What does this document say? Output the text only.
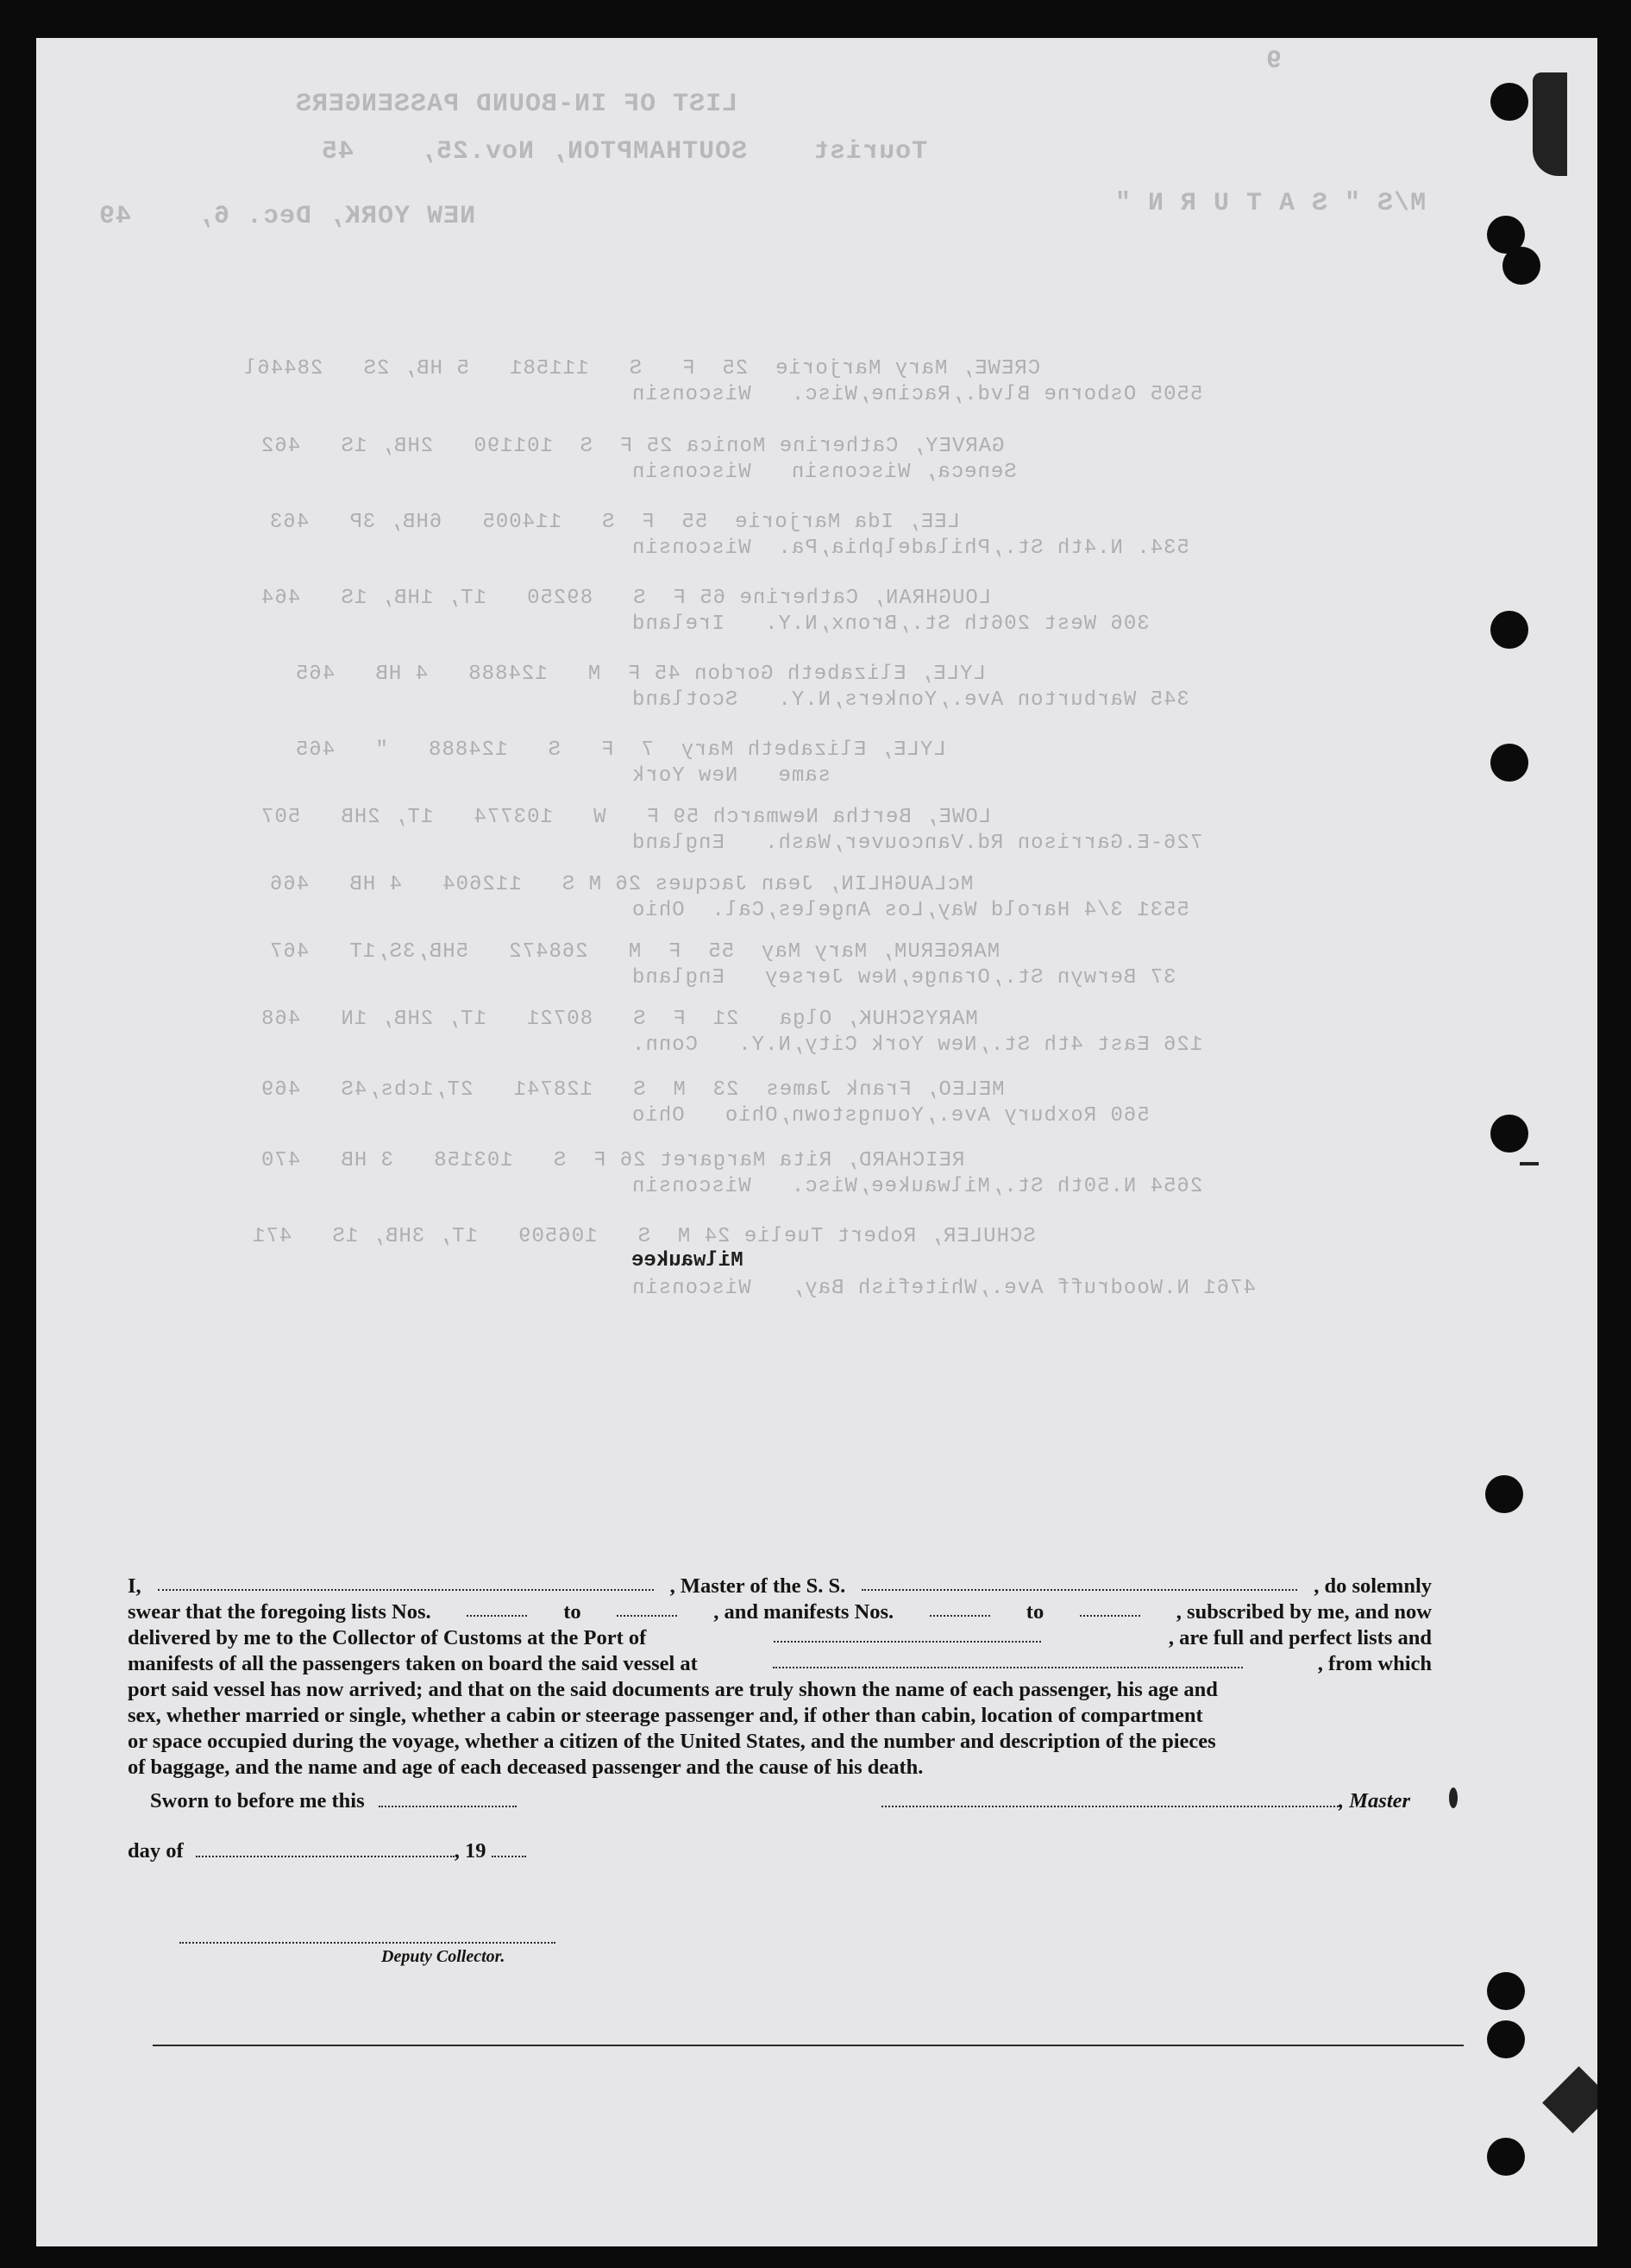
9
LIST OF IN-BOUND PASSENGERS
Tourist    SOUTHAMPTON, Nov.25,    45
NEW YORK, Dec. 6,    49	M/S " S A T U R N "
CREWE, Mary Marjorie  25  F   S   111581   5 HB, 2S   28446l
5505 Osborne Blvd.,Racine,Wisc.   Wisconsin
GARVEY, Catherine Monica 25 F  S  101190   2HB, 1S   462
Seneca, Wisconsin   Wisconsin
LEE, Ida Marjorie  55  F  S   114005   6HB, 3P   463
534. N.4th St.,Philadelphia,Pa.  Wisconsin
LOUGHRAN, Catherine 65 F  S   89250   1T, 1HB, 1S   464
306 West 206th St.,Bronx,N.Y.   Ireland
LYLE, Elizabeth Gordon 45 F  M   124888   4 HB   465
345 Warburton Ave.,Yonkers,N.Y.   Scotland
LYLE, Elizabeth Mary  7  F   S   124888   "   465
same   New York
LOWE, Bertha Newmarch 59 F   W   103774   1T, 2HB   507
726-E.Garrison Rd.Vancouver,Wash.   England
McLAUGHLIN, Jean Jacques 26 M S   112604   4 HB   466
5531 3/4 Harold Way,Los Angeles,Cal.  Ohio
MARGERUM, Mary May  55  F  M   268472   5HB,3S,1T   467
37 Berwyn St.,Orange,New Jersey   England
MARYSCHUK, Olga   21  F  S   80721   1T, 2HB, 1N   468
126 East 4th St.,New York City,N.Y.   Conn.
MELEO, Frank James  23  M  S   128741   2T,1cbs,4S   469
560 Roxbury Ave.,Youngstown,Ohio   Ohio
REICHARD, Rita Margaret 26 F  S   103158   3 HB   470
2654 N.50th St.,Milwaukee,Wisc.   Wisconsin
SCHULER, Robert Tuelie 24 M  S   106509   1T, 3HB, 1S   471
4761 N.Woodruff Ave.,Whitefish Bay,   Wisconsin
Milwaukee

I,	, Master of the S. S.	, do solemnly

swear that the foregoing lists Nos.	to	, and manifests Nos.	to	, subscribed by me, and now

delivered by me to the Collector of Customs at the Port of	, are full and perfect lists and

manifests of all the passengers taken on board the said vessel at	, from which

port said vessel has now arrived; and that on the said documents are truly shown the name of each passenger, his age and

sex, whether married or single, whether a cabin or steerage passenger and, if other than cabin, location of compartment

or space occupied during the voyage, whether a citizen of the United States, and the number and description of the pieces

of baggage, and the name and age of each deceased passenger and the cause of his death.

Sworn to before me this	, Master
day of	, 19
Deputy Collector.
